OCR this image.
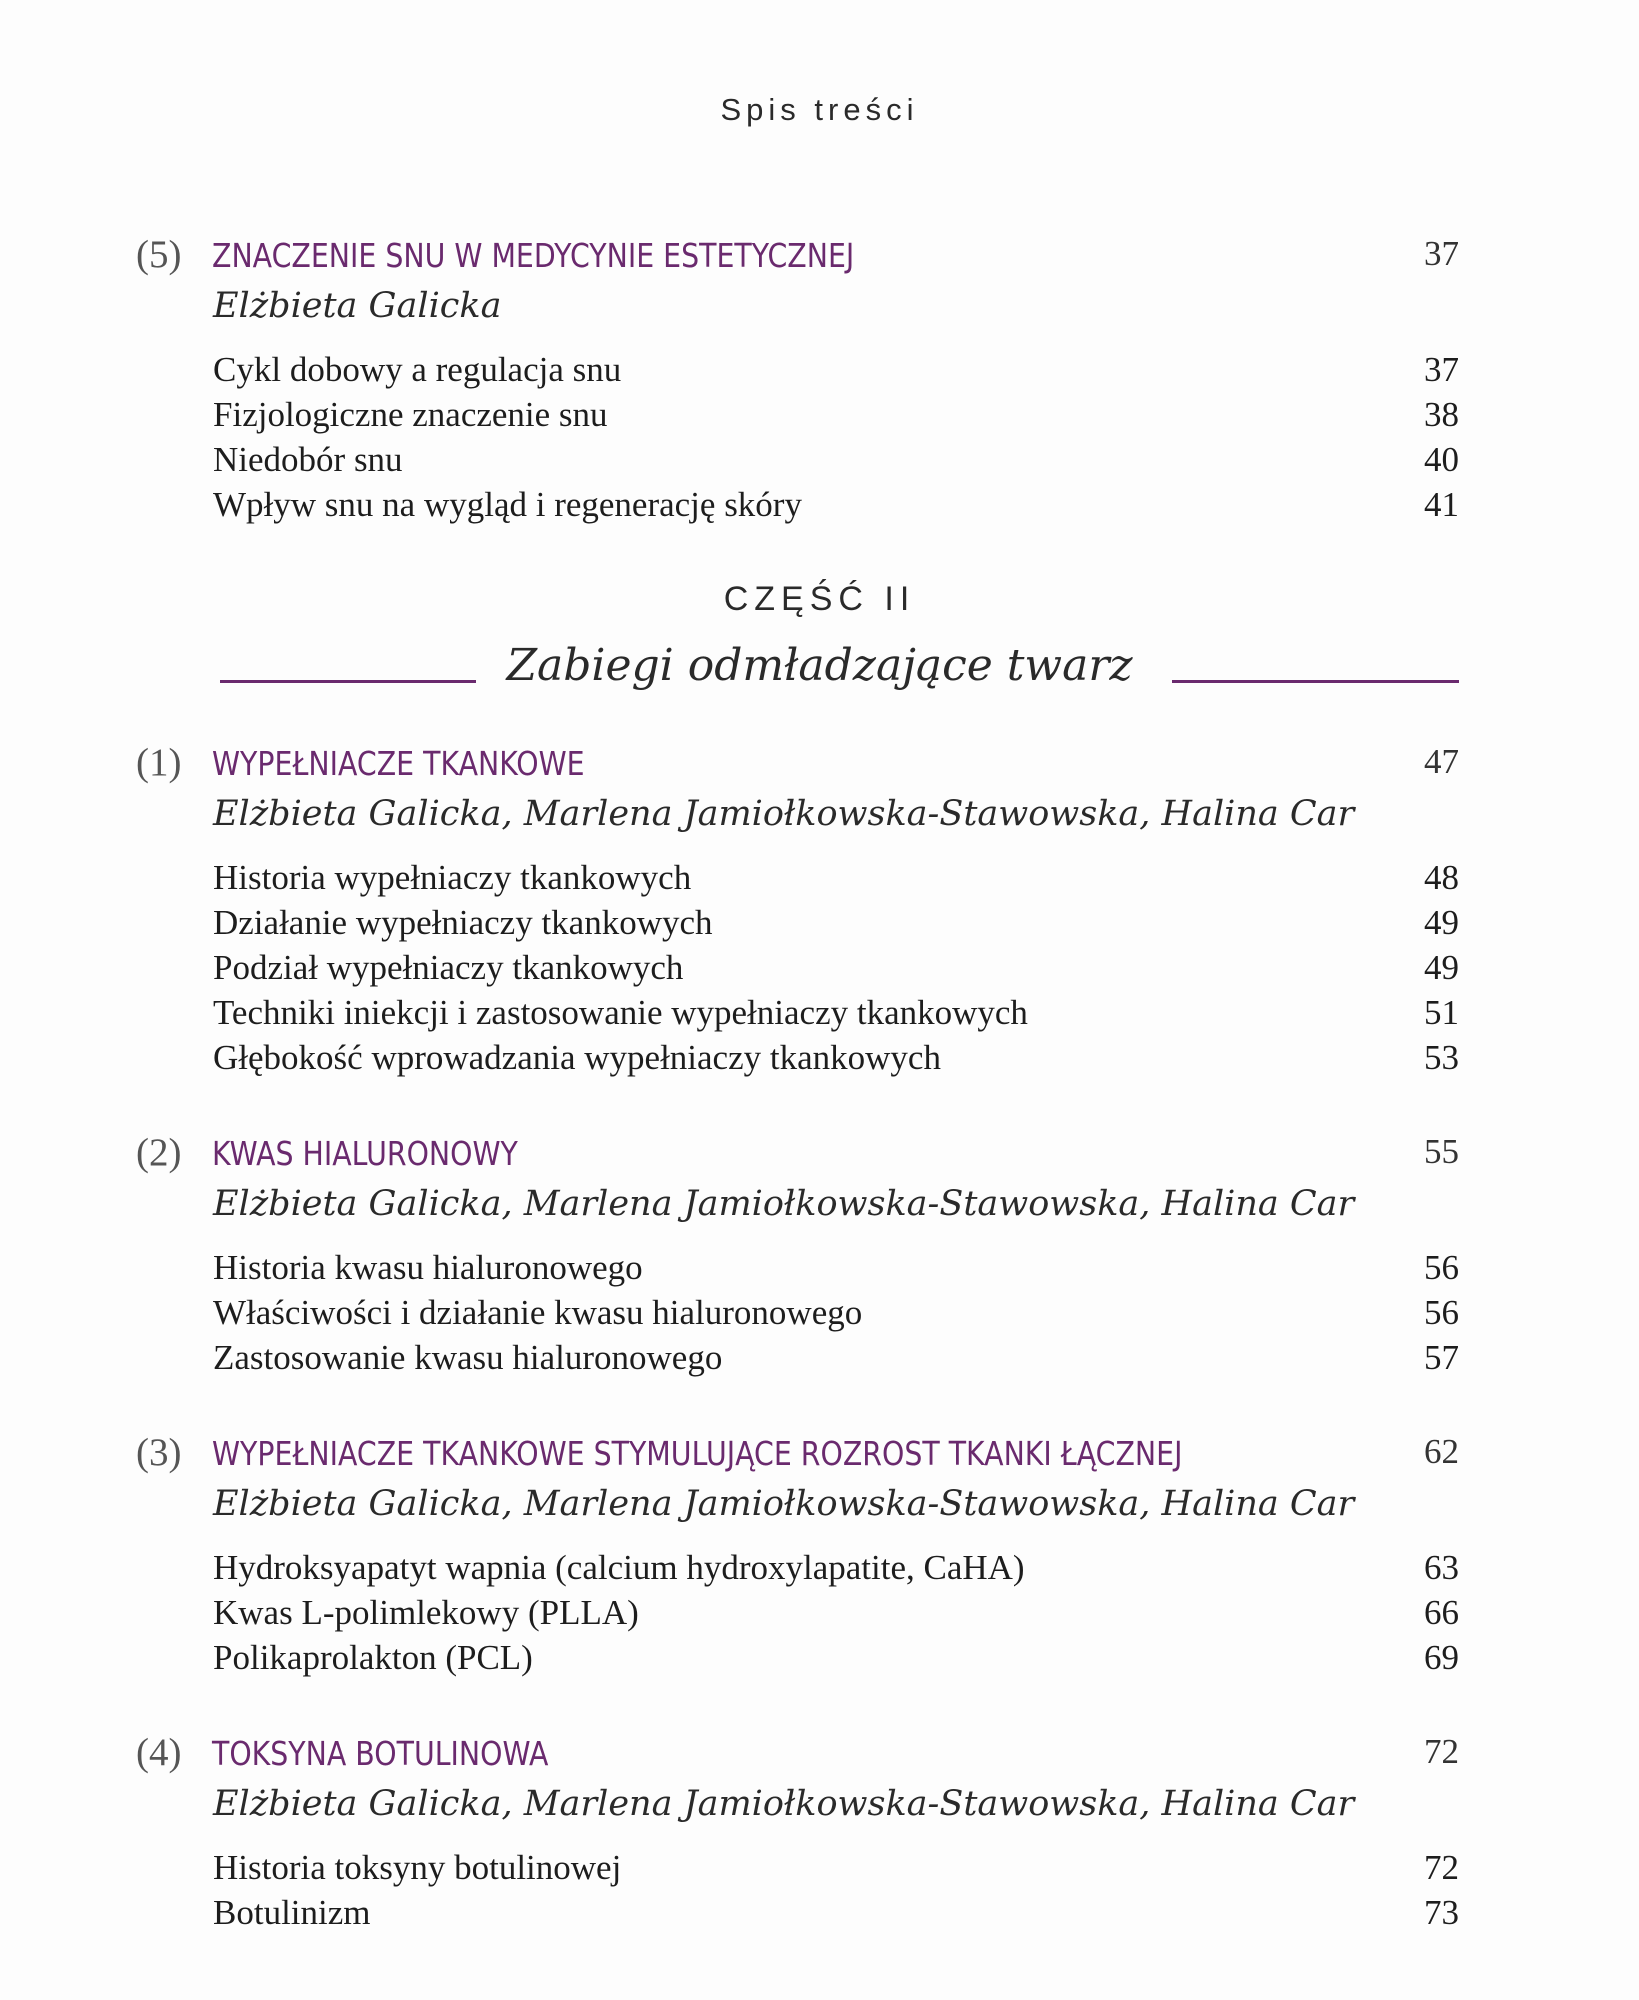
Spis treści
(5) ZNACZENIE SNU W MEDYCYNIE ESTETYCZNEJ	37
Elżbieta Galicka
Cykl dobowy a regulacja snu	37
Fizjologiczne znaczenie snu	38
Niedobór snu	40
Wpływ snu na wygląd i regenerację skóry	41
CZĘŚĆ II
Zabiegi odmładzające twarz
(1) WYPEŁNIACZE TKANKOWE	47
Elżbieta Galicka, Marlena Jamiołkowska-Stawowska, Halina Car
Historia wypełniaczy tkankowych	48
Działanie wypełniaczy tkankowych	49
Podział wypełniaczy tkankowych	49
Techniki iniekcji i zastosowanie wypełniaczy tkankowych	51
Głębokość wprowadzania wypełniaczy tkankowych	53
(2) KWAS HIALURONOWY	55
Elżbieta Galicka, Marlena Jamiołkowska-Stawowska, Halina Car
Historia kwasu hialuronowego	56
Właściwości i działanie kwasu hialuronowego	56
Zastosowanie kwasu hialuronowego	57
(3) WYPEŁNIACZE TKANKOWE STYMULUJĄCE ROZROST TKANKI ŁĄCZNEJ	62
Elżbieta Galicka, Marlena Jamiołkowska-Stawowska, Halina Car
Hydroksyapatyt wapnia (calcium hydroxylapatite, CaHA)	63
Kwas L-polimlekowy (PLLA)	66
Polikaprolakton (PCL)	69
(4) TOKSYNA BOTULINOWA	72
Elżbieta Galicka, Marlena Jamiołkowska-Stawowska, Halina Car
Historia toksyny botulinowej	72
Botulinizm	73
